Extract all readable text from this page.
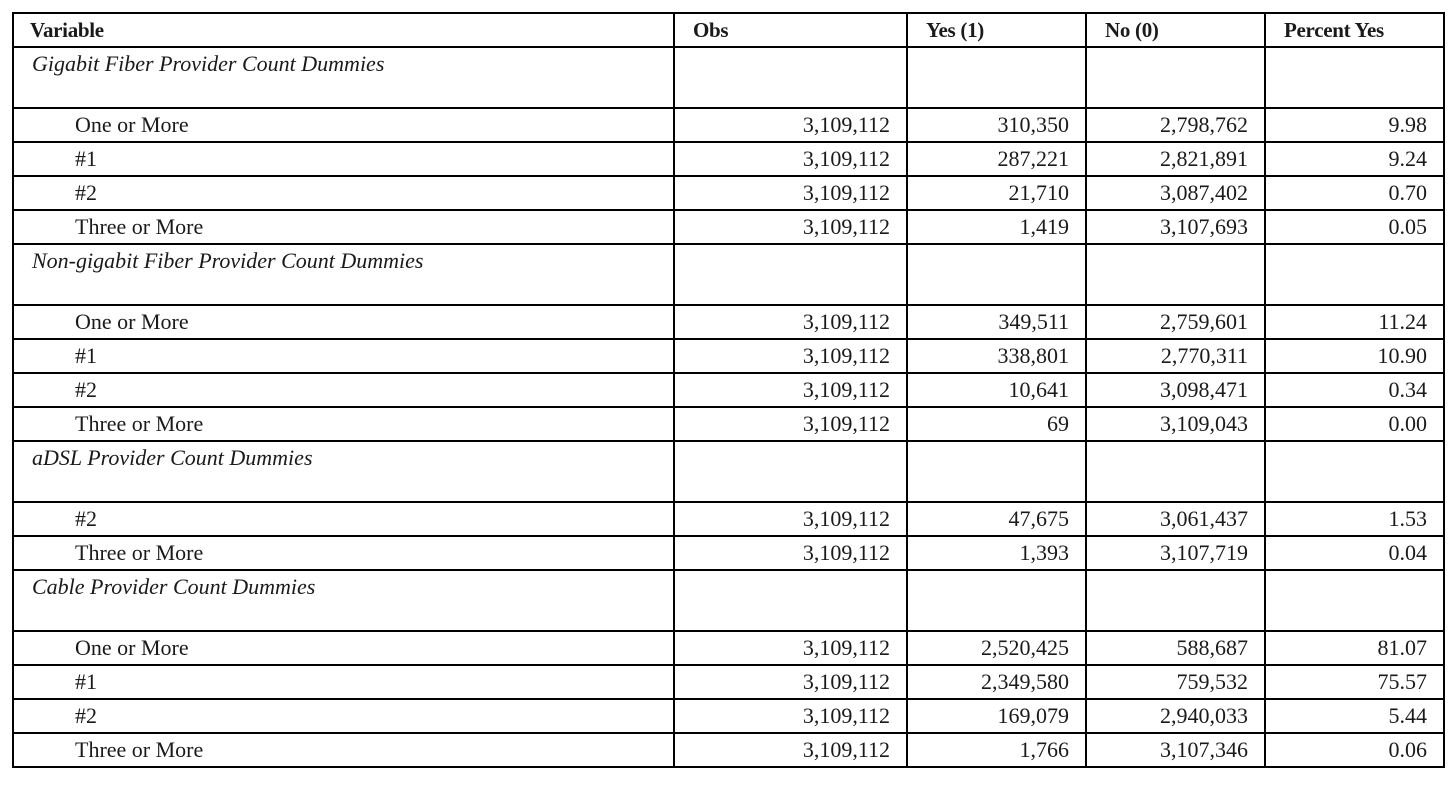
Variable	Obs	Yes (1)	No (0)	Percent Yes
Gigabit Fiber Provider Count Dummies				
One or More	3,109,112	310,350	2,798,762	9.98
#1	3,109,112	287,221	2,821,891	9.24
#2	3,109,112	21,710	3,087,402	0.70
Three or More	3,109,112	1,419	3,107,693	0.05
Non-gigabit Fiber Provider Count Dummies				
One or More	3,109,112	349,511	2,759,601	11.24
#1	3,109,112	338,801	2,770,311	10.90
#2	3,109,112	10,641	3,098,471	0.34
Three or More	3,109,112	69	3,109,043	0.00
aDSL Provider Count Dummies				
#2	3,109,112	47,675	3,061,437	1.53
Three or More	3,109,112	1,393	3,107,719	0.04
Cable Provider Count Dummies				
One or More	3,109,112	2,520,425	588,687	81.07
#1	3,109,112	2,349,580	759,532	75.57
#2	3,109,112	169,079	2,940,033	5.44
Three or More	3,109,112	1,766	3,107,346	0.06
